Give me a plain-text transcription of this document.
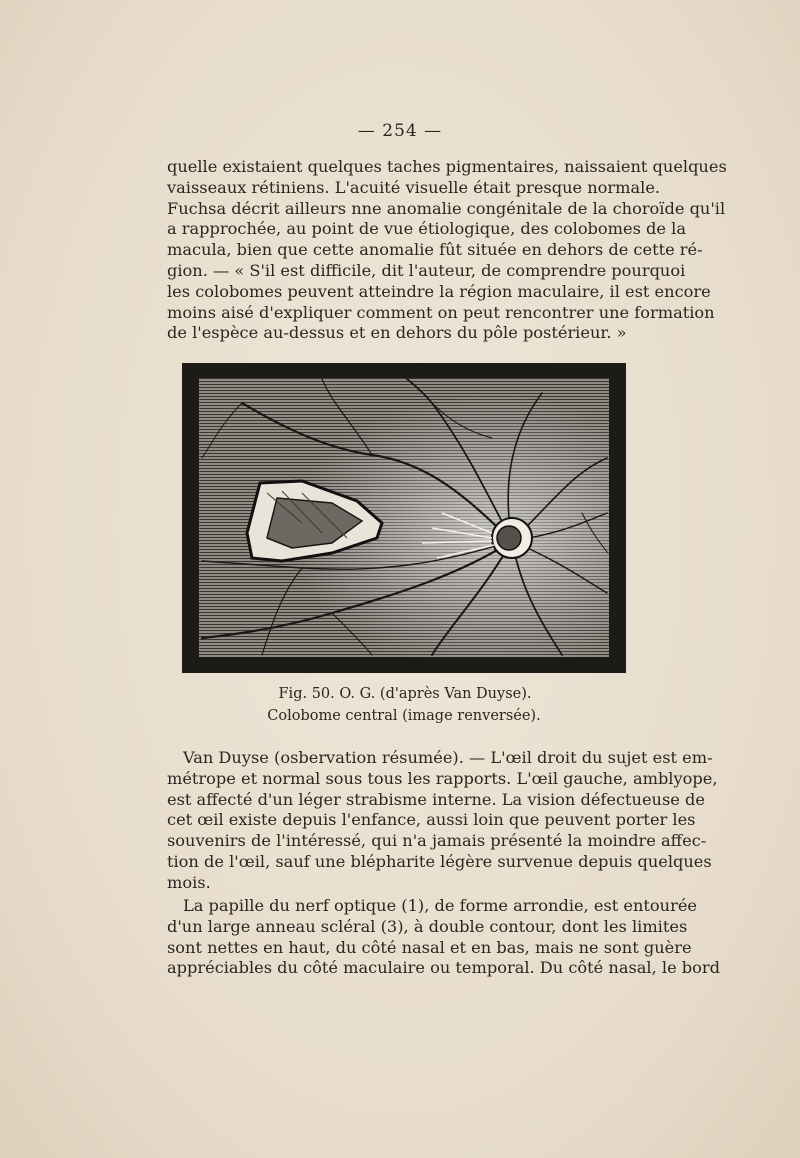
— 254 —

quelle existaient quelques taches pigmentaires, naissaient quelques
vaisseaux rétiniens. L'acuité visuelle était presque normale.
Fuchsa décrit ailleurs nne anomalie congénitale de la choroïde qu'il
a rapprochée, au point de vue étiologique, des colobomes de la
macula, bien que cette anomalie fût située en dehors de cette ré-
gion. — « S'il est difficile, dit l'auteur, de comprendre pourquoi
les colobomes peuvent atteindre la région maculaire, il est encore
moins aisé d'expliquer comment on peut rencontrer une formation
de l'espèce au-dessus et en dehors du pôle postérieur. »

V. VERMORCKEN
Fig. 50. O. G. (d'après Van Duyse).
Colobome central (image renversée).

Van Duyse (osbervation résumée). — L'œil droit du sujet est em-
métrope et normal sous tous les rapports. L'œil gauche, amblyope,
est affecté d'un léger strabisme interne. La vision défectueuse de
cet œil existe depuis l'enfance, aussi loin que peuvent porter les
souvenirs de l'intéressé, qui n'a jamais présenté la moindre affec-
tion de l'œil, sauf une blépharite légère survenue depuis quelques
mois.

La papille du nerf optique (1), de forme arrondie, est entourée
d'un large anneau scléral (3), à double contour, dont les limites
sont nettes en haut, du côté nasal et en bas, mais ne sont guère
appréciables du côté maculaire ou temporal. Du côté nasal, le bord
